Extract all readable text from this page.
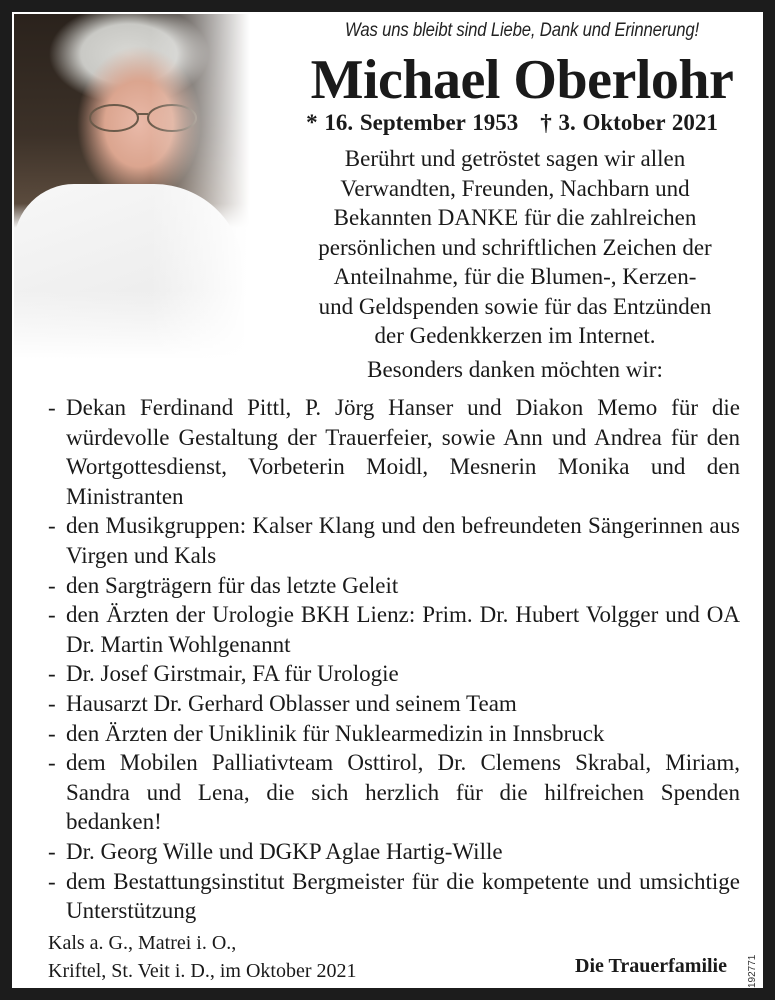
Was uns bleibt sind Liebe, Dank und Erinnerung!
Michael Oberlohr
* 16. September 1953 † 3. Oktober 2021
Berührt und getröstet sagen wir allen
Verwandten, Freunden, Nachbarn und
Bekannten DANKE für die zahlreichen
persönlichen und schriftlichen Zeichen der
Anteilnahme, für die Blumen-, Kerzen-
und Geldspenden sowie für das Entzünden
der Gedenkkerzen im Internet.
Besonders danken möchten wir:
- Dekan Ferdinand Pittl, P. Jörg Hanser und Diakon Memo für die würdevolle Gestaltung der Trauerfeier, sowie Ann und Andrea für den Wortgottesdienst, Vorbeterin Moidl, Mesnerin Monika und den Ministranten
- den Musikgruppen: Kalser Klang und den befreundeten Sängerinnen aus Virgen und Kals
- den Sargträgern für das letzte Geleit
- den Ärzten der Urologie BKH Lienz: Prim. Dr. Hubert Volgger und OA Dr. Martin Wohlgenannt
- Dr. Josef Girstmair, FA für Urologie
- Hausarzt Dr. Gerhard Oblasser und seinem Team
- den Ärzten der Uniklinik für Nuklearmedizin in Innsbruck
- dem Mobilen Palliativteam Osttirol, Dr. Clemens Skrabal, Miriam, Sandra und Lena, die sich herzlich für die hilfreichen Spenden bedanken!
- Dr. Georg Wille und DGKP Aglae Hartig-Wille
- dem Bestattungsinstitut Bergmeister für die kompetente und umsichtige Unterstützung
Kals a. G., Matrei i. O.,
Kriftel, St. Veit i. D., im Oktober 2021	Die Trauerfamilie 192771
